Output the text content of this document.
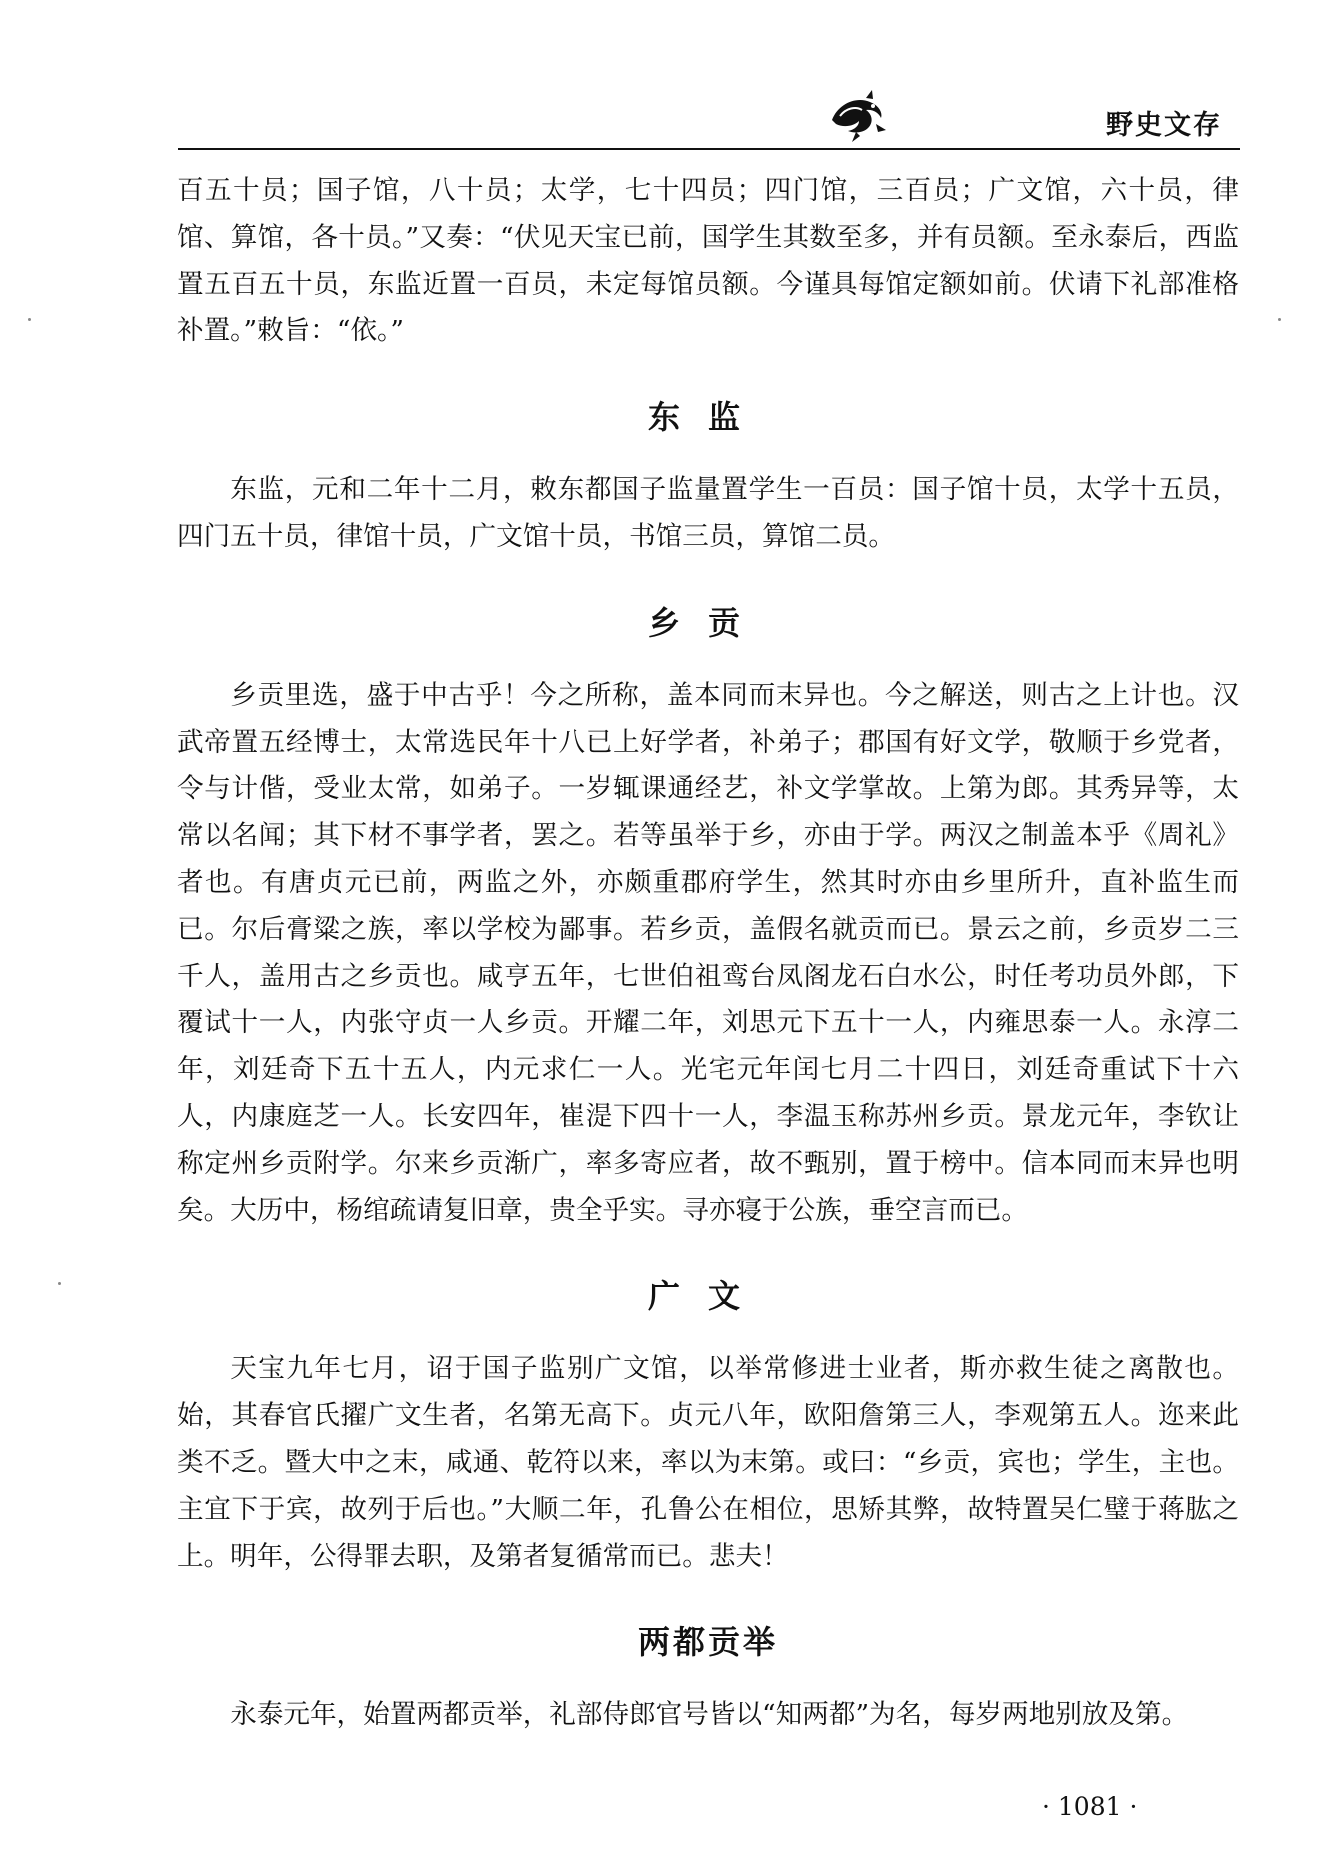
野史文存

百五十员；国子馆，八十员；太学，七十四员；四门馆，三百员；广文馆，六十员，律馆、算馆，各十员。”又奏：“伏见天宝已前，国学生其数至多，并有员额。至永泰后，西监置五百五十员，东监近置一百员，未定每馆员额。今谨具每馆定额如前。伏请下礼部准格补置。”敕旨：“依。”

东监

东监，元和二年十二月，敕东都国子监量置学生一百员：国子馆十员，太学十五员，四门五十员，律馆十员，广文馆十员，书馆三员，算馆二员。

乡贡

乡贡里选，盛于中古乎！今之所称，盖本同而末异也。今之解送，则古之上计也。汉武帝置五经博士，太常选民年十八已上好学者，补弟子；郡国有好文学，敬顺于乡党者，令与计偕，受业太常，如弟子。一岁辄课通经艺，补文学掌故。上第为郎。其秀异等，太常以名闻；其下材不事学者，罢之。若等虽举于乡，亦由于学。两汉之制盖本乎《周礼》者也。有唐贞元已前，两监之外，亦颇重郡府学生，然其时亦由乡里所升，直补监生而已。尔后膏粱之族，率以学校为鄙事。若乡贡，盖假名就贡而已。景云之前，乡贡岁二三千人，盖用古之乡贡也。咸亨五年，七世伯祖鸾台凤阁龙石白水公，时任考功员外郎，下覆试十一人，内张守贞一人乡贡。开耀二年，刘思元下五十一人，内雍思泰一人。永淳二年，刘廷奇下五十五人，内元求仁一人。光宅元年闰七月二十四日，刘廷奇重试下十六人，内康庭芝一人。长安四年，崔湜下四十一人，李温玉称苏州乡贡。景龙元年，李钦让称定州乡贡附学。尔来乡贡渐广，率多寄应者，故不甄别，置于榜中。信本同而末异也明矣。大历中，杨绾疏请复旧章，贵全乎实。寻亦寝于公族，垂空言而已。

广文

天宝九年七月，诏于国子监别广文馆，以举常修进士业者，斯亦救生徒之离散也。始，其春官氏擢广文生者，名第无高下。贞元八年，欧阳詹第三人，李观第五人。迩来此类不乏。暨大中之末，咸通、乾符以来，率以为末第。或曰：“乡贡，宾也；学生，主也。主宜下于宾，故列于后也。”大顺二年，孔鲁公在相位，思矫其弊，故特置吴仁璧于蒋肱之上。明年，公得罪去职，及第者复循常而已。悲夫！

两都贡举

永泰元年，始置两都贡举，礼部侍郎官号皆以“知两都”为名，每岁两地别放及第。

· 1081 ·
